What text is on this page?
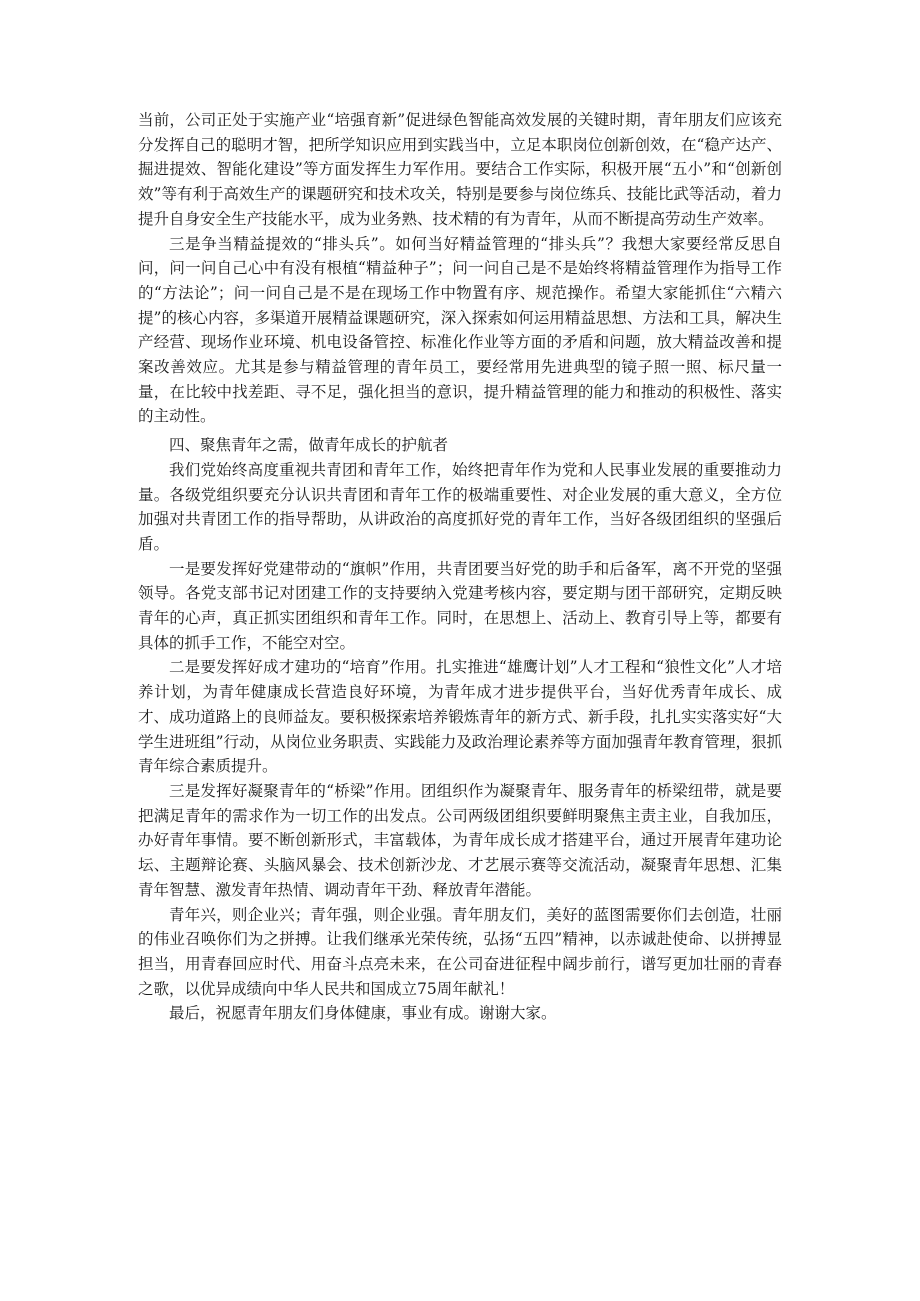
当前，公司正处于实施产业“培强育新”促进绿色智能高效发展的关键时期，青年朋友们应该充分发挥自己的聪明才智，把所学知识应用到实践当中，立足本职岗位创新创效，在“稳产达产、掘进提效、智能化建设”等方面发挥生力军作用。要结合工作实际，积极开展“五小”和“创新创效”等有利于高效生产的课题研究和技术攻关，特别是要参与岗位练兵、技能比武等活动，着力提升自身安全生产技能水平，成为业务熟、技术精的有为青年，从而不断提高劳动生产效率。

三是争当精益提效的“排头兵”。如何当好精益管理的“排头兵”？我想大家要经常反思自问，问一问自己心中有没有根植“精益种子”；问一问自己是不是始终将精益管理作为指导工作的“方法论”；问一问自己是不是在现场工作中物置有序、规范操作。希望大家能抓住“六精六提”的核心内容，多渠道开展精益课题研究，深入探索如何运用精益思想、方法和工具，解决生产经营、现场作业环境、机电设备管控、标准化作业等方面的矛盾和问题，放大精益改善和提案改善效应。尤其是参与精益管理的青年员工，要经常用先进典型的镜子照一照、标尺量一量，在比较中找差距、寻不足，强化担当的意识，提升精益管理的能力和推动的积极性、落实的主动性。

四、聚焦青年之需，做青年成长的护航者

我们党始终高度重视共青团和青年工作，始终把青年作为党和人民事业发展的重要推动力量。各级党组织要充分认识共青团和青年工作的极端重要性、对企业发展的重大意义，全方位加强对共青团工作的指导帮助，从讲政治的高度抓好党的青年工作，当好各级团组织的坚强后盾。

一是要发挥好党建带动的“旗帜”作用，共青团要当好党的助手和后备军，离不开党的坚强领导。各党支部书记对团建工作的支持要纳入党建考核内容，要定期与团干部研究，定期反映青年的心声，真正抓实团组织和青年工作。同时，在思想上、活动上、教育引导上等，都要有具体的抓手工作，不能空对空。

二是要发挥好成才建功的“培育”作用。扎实推进“雄鹰计划”人才工程和“狼性文化”人才培养计划，为青年健康成长营造良好环境，为青年成才进步提供平台，当好优秀青年成长、成才、成功道路上的良师益友。要积极探索培养锻炼青年的新方式、新手段，扎扎实实落实好“大学生进班组”行动，从岗位业务职责、实践能力及政治理论素养等方面加强青年教育管理，狠抓青年综合素质提升。

三是发挥好凝聚青年的“桥梁”作用。团组织作为凝聚青年、服务青年的桥梁纽带，就是要把满足青年的需求作为一切工作的出发点。公司两级团组织要鲜明聚焦主责主业，自我加压，办好青年事情。要不断创新形式，丰富载体，为青年成长成才搭建平台，通过开展青年建功论坛、主题辩论赛、头脑风暴会、技术创新沙龙、才艺展示赛等交流活动，凝聚青年思想、汇集青年智慧、激发青年热情、调动青年干劲、释放青年潜能。

青年兴，则企业兴；青年强，则企业强。青年朋友们，美好的蓝图需要你们去创造，壮丽的伟业召唤你们为之拼搏。让我们继承光荣传统，弘扬“五四”精神，以赤诚赴使命、以拼搏显担当，用青春回应时代、用奋斗点亮未来，在公司奋进征程中阔步前行，谱写更加壮丽的青春之歌，以优异成绩向中华人民共和国成立75周年献礼！

最后，祝愿青年朋友们身体健康，事业有成。谢谢大家。
